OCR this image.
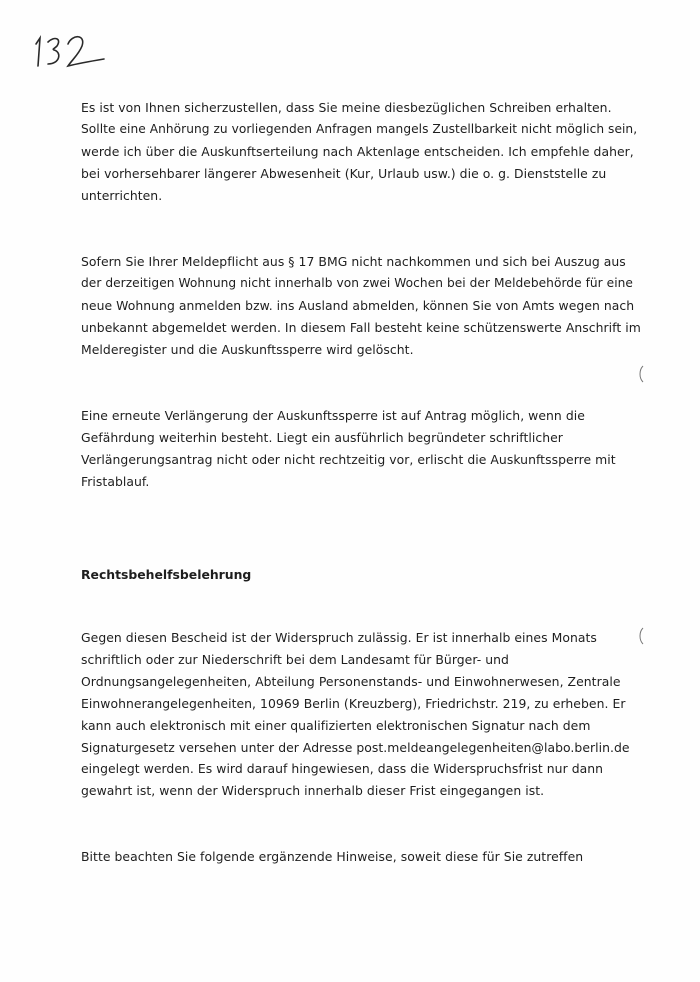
Es ist von Ihnen sicherzustellen, dass Sie meine diesbezüglichen Schreiben erhalten.
Sollte eine Anhörung zu vorliegenden Anfragen mangels Zustellbarkeit nicht möglich sein,
werde ich über die Auskunftserteilung nach Aktenlage entscheiden. Ich empfehle daher,
bei vorhersehbarer längerer Abwesenheit (Kur, Urlaub usw.) die o. g. Dienststelle zu
unterrichten.

Sofern Sie Ihrer Meldepflicht aus § 17 BMG nicht nachkommen und sich bei Auszug aus
der derzeitigen Wohnung nicht innerhalb von zwei Wochen bei der Meldebehörde für eine
neue Wohnung anmelden bzw. ins Ausland abmelden, können Sie von Amts wegen nach
unbekannt abgemeldet werden. In diesem Fall besteht keine schützenswerte Anschrift im
Melderegister und die Auskunftssperre wird gelöscht.

Eine erneute Verlängerung der Auskunftssperre ist auf Antrag möglich, wenn die
Gefährdung weiterhin besteht. Liegt ein ausführlich begründeter schriftlicher
Verlängerungsantrag nicht oder nicht rechtzeitig vor, erlischt die Auskunftssperre mit
Fristablauf.

Rechtsbehelfsbelehrung

Gegen diesen Bescheid ist der Widerspruch zulässig. Er ist innerhalb eines Monats
schriftlich oder zur Niederschrift bei dem Landesamt für Bürger- und
Ordnungsangelegenheiten, Abteilung Personenstands- und Einwohnerwesen, Zentrale
Einwohnerangelegenheiten, 10969 Berlin (Kreuzberg), Friedrichstr. 219, zu erheben. Er
kann auch elektronisch mit einer qualifizierten elektronischen Signatur nach dem
Signaturgesetz versehen unter der Adresse post.meldeangelegenheiten@labo.berlin.de
eingelegt werden. Es wird darauf hingewiesen, dass die Widerspruchsfrist nur dann
gewahrt ist, wenn der Widerspruch innerhalb dieser Frist eingegangen ist.

Bitte beachten Sie folgende ergänzende Hinweise, soweit diese für Sie zutreffen
